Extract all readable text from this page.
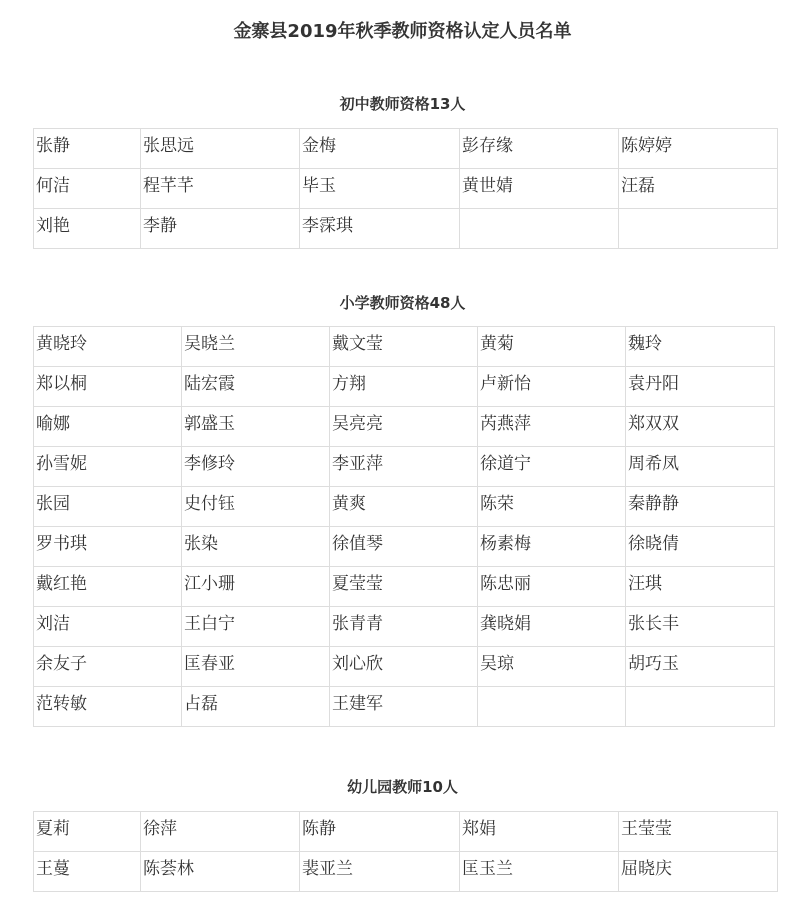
金寨县2019年秋季教师资格认定人员名单
初中教师资格13人
张静	张思远	金梅	彭存缘	陈婷婷
何洁	程芊芊	毕玉	黄世婧	汪磊
刘艳	李静	李霂琪		
小学教师资格48人
黄晓玲	吴晓兰	戴文莹	黄菊	魏玲
郑以桐	陆宏霞	方翔	卢新怡	袁丹阳
喻娜	郭盛玉	吴亮亮	芮燕萍	郑双双
孙雪妮	李修玲	李亚萍	徐道宁	周希凤
张园	史付钰	黄爽	陈荣	秦静静
罗书琪	张染	徐值琴	杨素梅	徐晓倩
戴红艳	江小珊	夏莹莹	陈忠丽	汪琪
刘洁	王白宁	张青青	龚晓娟	张长丰
余友子	匡春亚	刘心欣	吴琼	胡巧玉
范转敏	占磊	王建军		
幼儿园教师10人
夏莉	徐萍	陈静	郑娟	王莹莹
王蔓	陈荟林	裴亚兰	匡玉兰	屈晓庆
